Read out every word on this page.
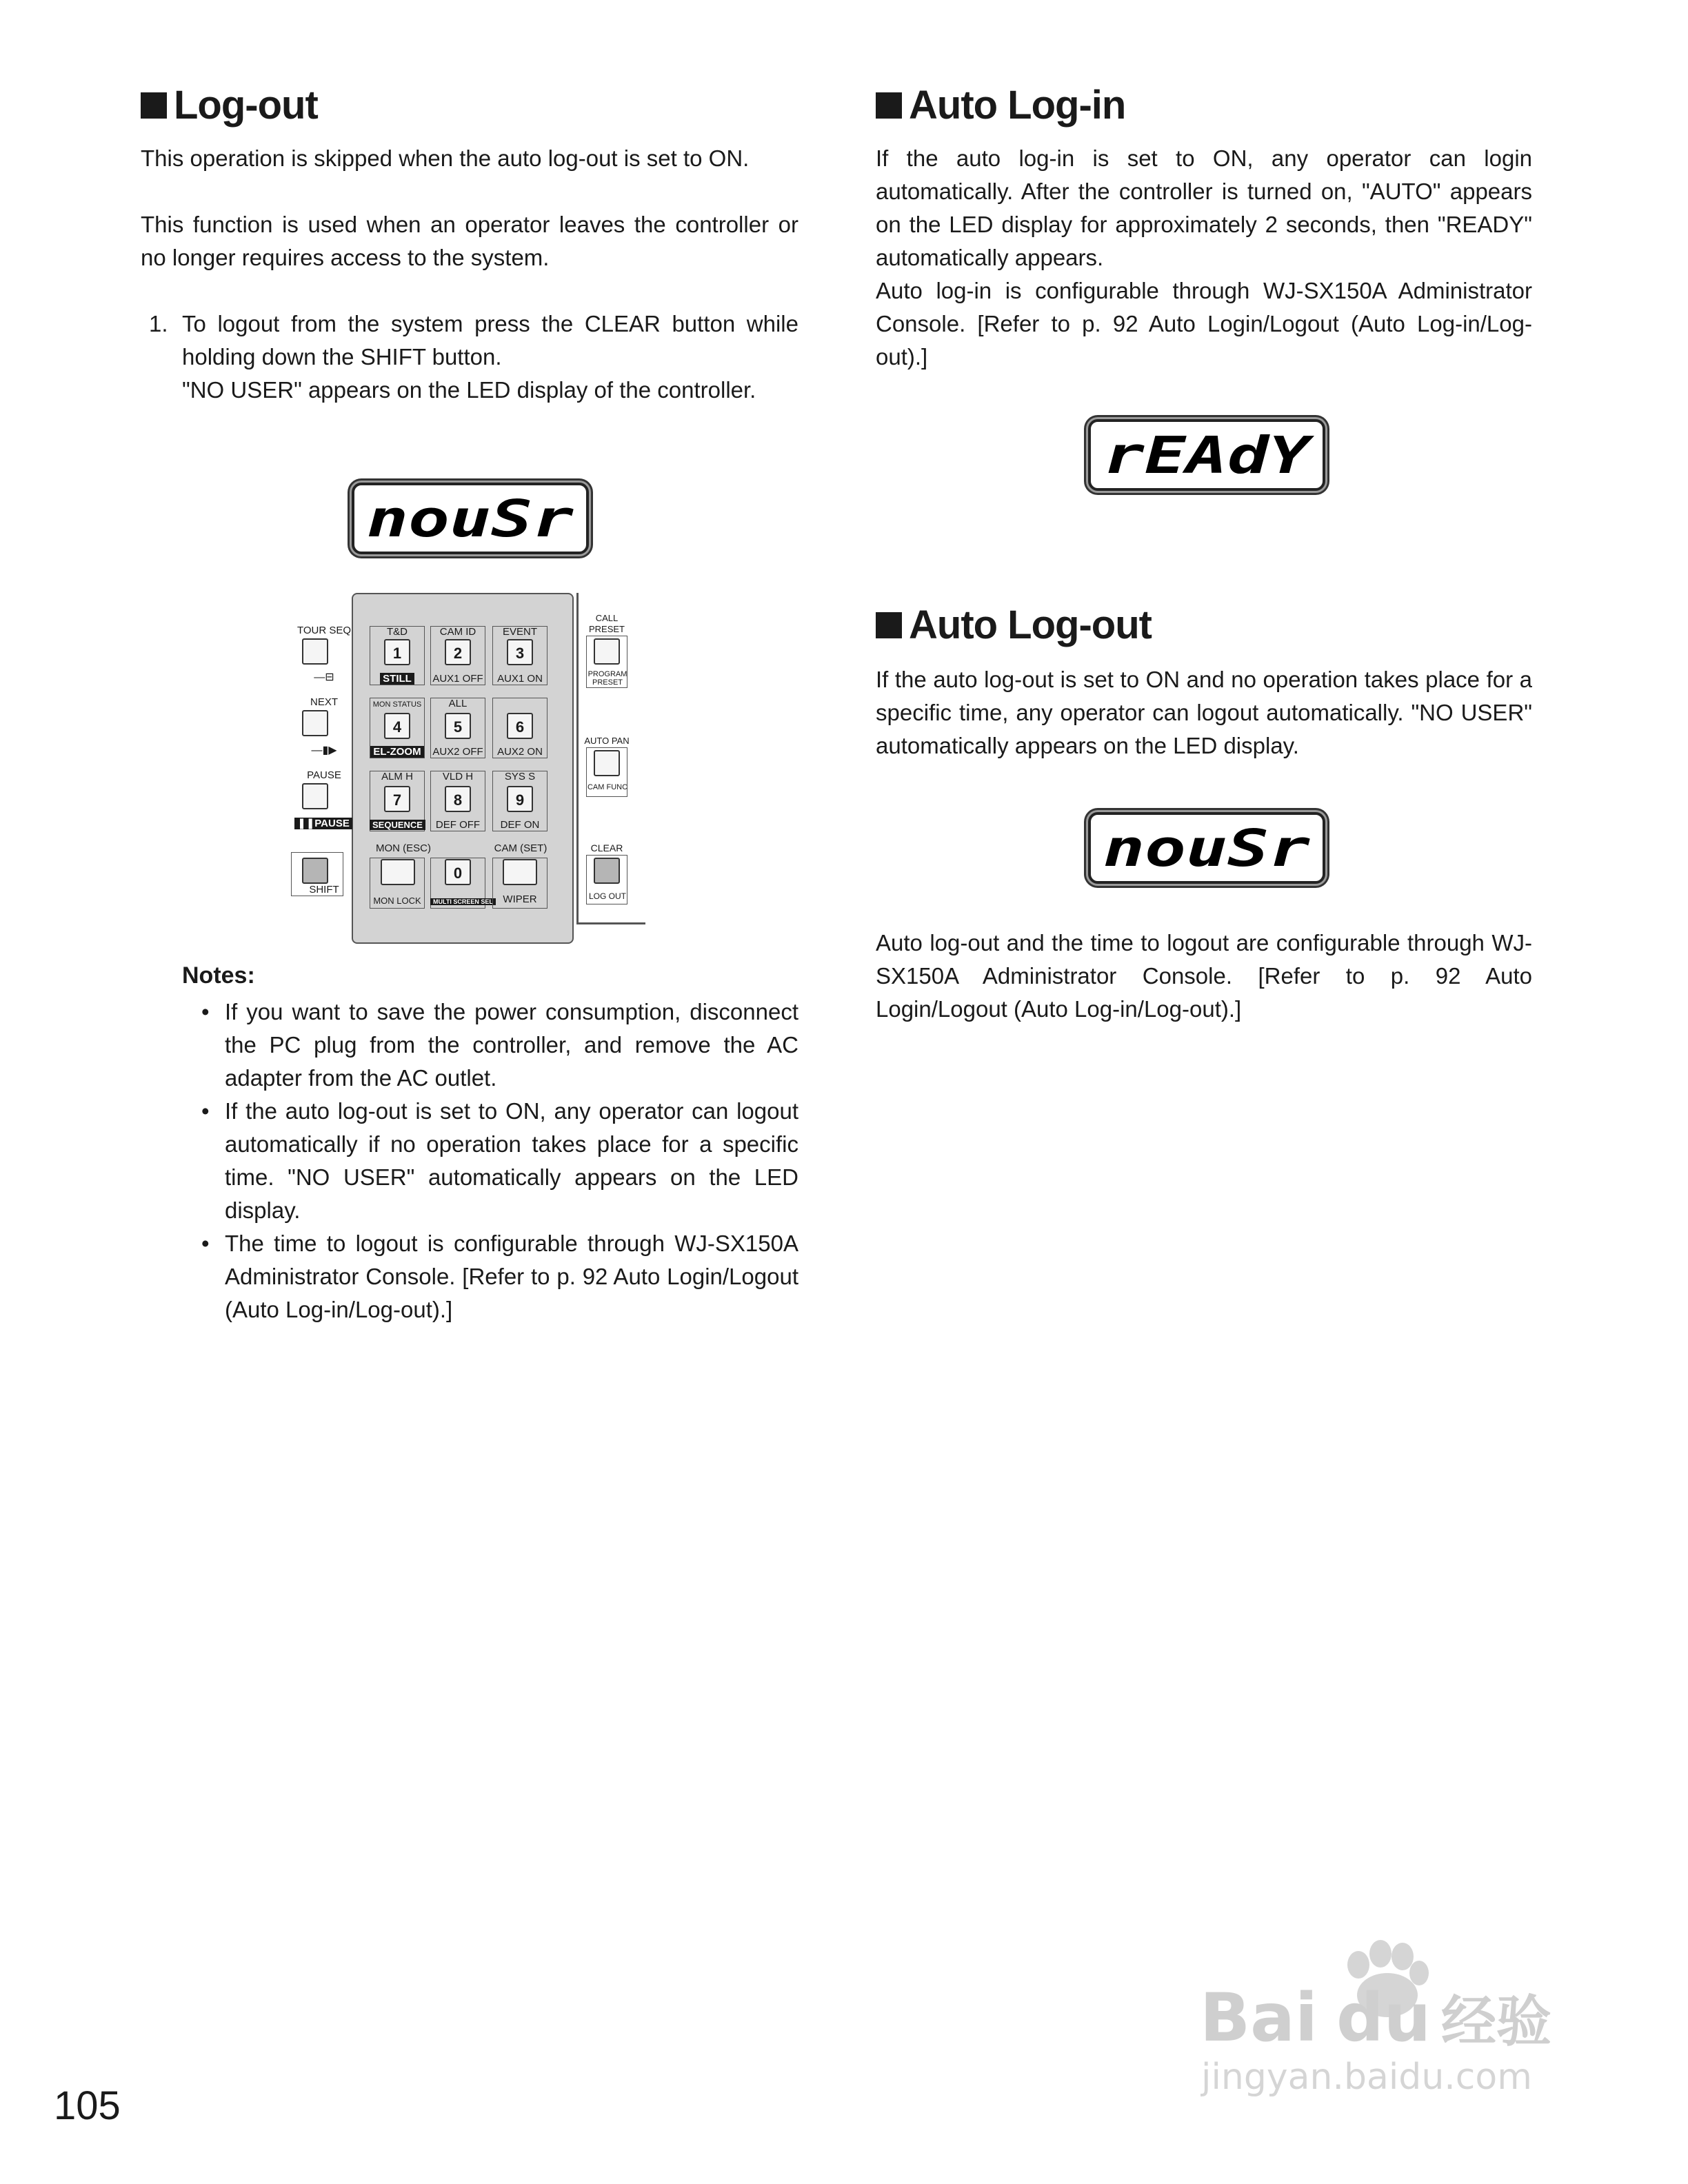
Log-out

This operation is skipped when the auto log-out is set to ON.

This function is used when an operator leaves the controller or no longer requires access to the system.

1. To logout from the system press the CLEAR button while holding down the SHIFT button.
"NO USER" appears on the LED display of the controller.
nouSr
TOUR SEQ
—⊟
NEXT
—▮▶
PAUSE
❚❚PAUSE
SHIFT
T&D
1
STILL
CAM ID
2
AUX1 OFF
EVENT
3
AUX1 ON
MON STATUS
4
EL-ZOOM
ALL
5
AUX2 OFF
6
AUX2 ON
ALM H
7
SEQUENCE
VLD H
8
DEF OFF
SYS S
9
DEF ON
MON (ESC)	CAM (SET)
MON LOCK
0
MULTI SCREEN SEL WIPER
CALL
PRESET
PROGRAM
PRESET
AUTO PAN
CAM FUNC
CLEAR
LOG OUT
Notes:
• If you want to save the power consumption, disconnect the PC plug from the controller, and remove the AC adapter from the AC outlet.
• If the auto log-out is set to ON, any operator can logout automatically if no operation takes place for a specific time. "NO USER" automatically appears on the LED display.
• The time to logout is configurable through WJ-SX150A Administrator Console. [Refer to p. 92 Auto Login/Logout (Auto Log-in/Log-out).]
Auto Log-in

If the auto log-in is set to ON, any operator can login automatically. After the controller is turned on, "AUTO" appears on the LED display for approximately 2 seconds, then "READY" automatically appears.

Auto log-in is configurable through WJ-SX150A Administrator Console. [Refer to p. 92 Auto Login/Logout (Auto Log-in/Log-out).]

rEAdY
Auto Log-out

If the auto log-out is set to ON and no operation takes place for a specific time, any operator can logout automatically. "NO USER" automatically appears on the LED display.

nouSr

Auto log-out and the time to logout are configurable through WJ-SX150A Administrator Console. [Refer to p. 92 Auto Login/Logout (Auto Log-in/Log-out).]

105
Bai du 经验
jingyan.baidu.com
